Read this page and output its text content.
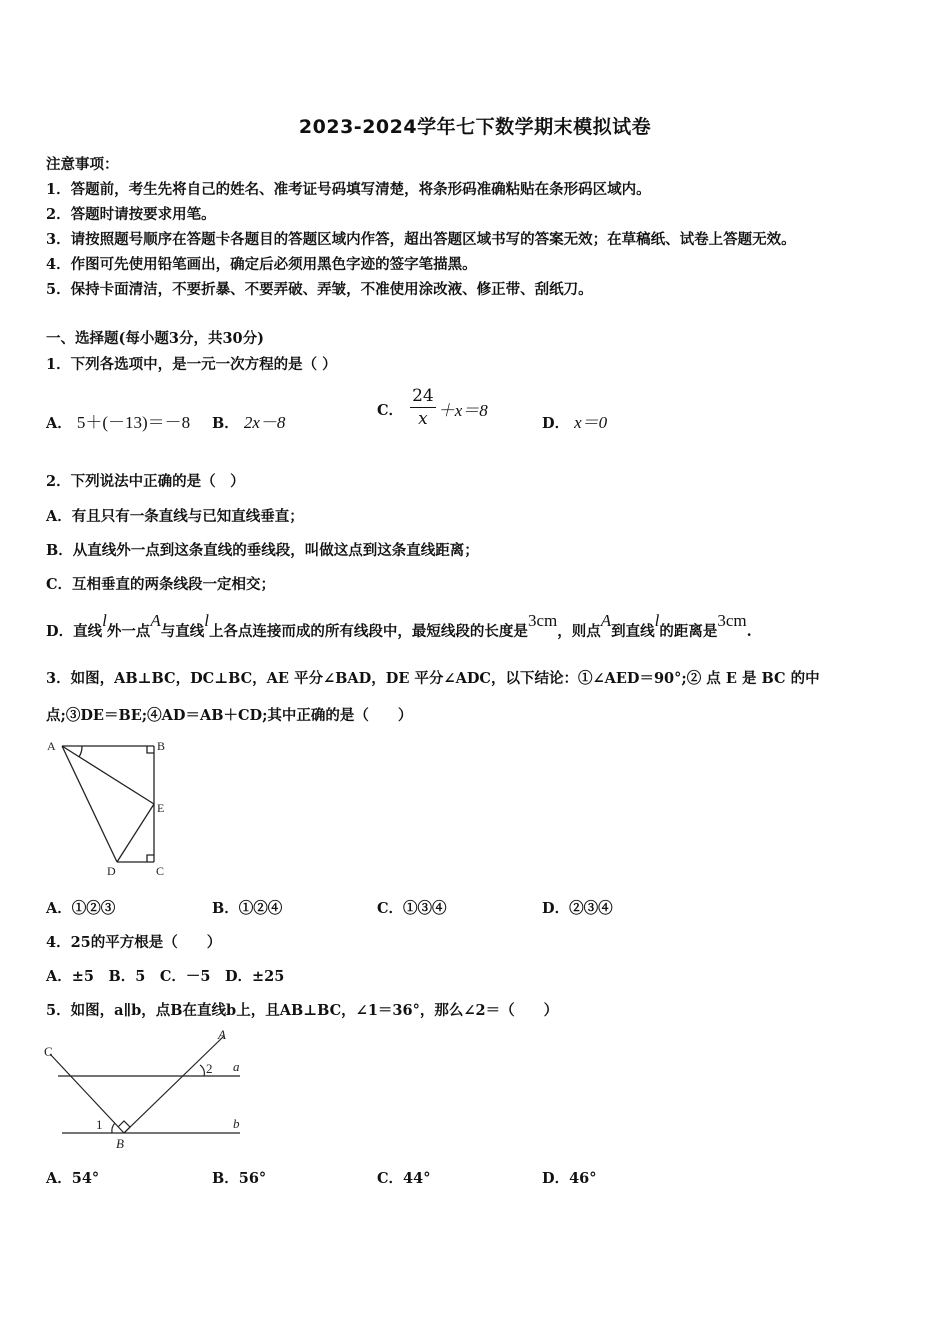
2023-2024学年七下数学期末模拟试卷
注意事项：
1．答题前，考生先将自己的姓名、准考证号码填写清楚，将条形码准确粘贴在条形码区域内。
2．答题时请按要求用笔。
3．请按照题号顺序在答题卡各题目的答题区域内作答，超出答题区域书写的答案无效；在草稿纸、试卷上答题无效。
4．作图可先使用铅笔画出，确定后必须用黑色字迹的签字笔描黑。
5．保持卡面清洁，不要折暴、不要弄破、弄皱，不准使用涂改液、修正带、刮纸刀。
一、选择题(每小题3分，共30分)
1．下列各选项中，是一元一次方程的是（ ）
A． 5＋(－13)＝－8 B． 2x－8
C． $\frac{24}{x} +x=8$
D． x＝0
2．下列说法中正确的是（　）
A．有且只有一条直线与已知直线垂直；
B．从直线外一点到这条直线的垂线段，叫做这点到这条直线距离；
C．互相垂直的两条线段一定相交；
D．直线l外一点A与直线l上各点连接而成的所有线段中，最短线段的长度是3cm，则点A到直线l的距离是3cm.
3．如图，AB⊥BC，DC⊥BC，AE 平分∠BAD，DE 平分∠ADC，以下结论：①∠AED＝90°;② 点 E 是 BC 的中
点;③DE＝BE;④AD＝AB＋CD;其中正确的是（　　）
A	B
E
D	C
A．①②③	B．①②④	C．①③④	D．②③④
4．25的平方根是（　　）
A．±5　B．5　C．－5　D．±25
5．如图，a∥b，点B在直线b上，且AB⊥BC，∠1＝36°，那么∠2＝（　　）
C
A
2 a
b
1
B
A．54°	B．56°	C．44°	D．46°
